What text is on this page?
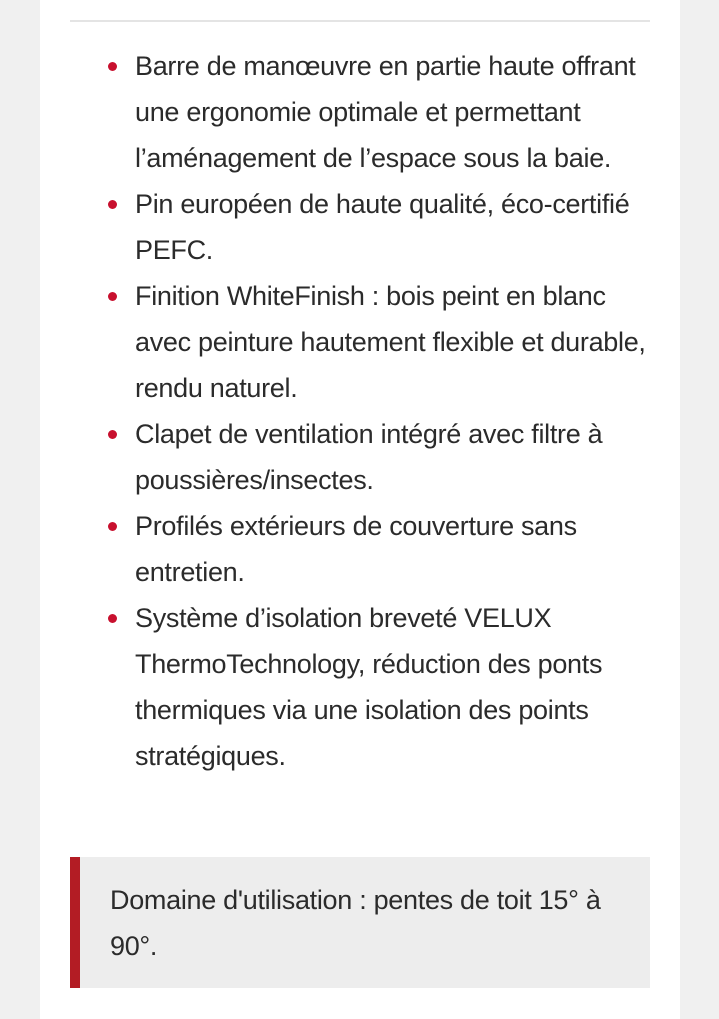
Barre de manœuvre en partie haute offrant une ergonomie optimale et permettant l’aménagement de l’espace sous la baie.
Pin européen de haute qualité, éco-certifié PEFC.
Finition WhiteFinish : bois peint en blanc avec peinture hautement flexible et durable, rendu naturel.
Clapet de ventilation intégré avec filtre à poussières/insectes.
Profilés extérieurs de couverture sans entretien.
Système d’isolation breveté VELUX ThermoTechnology, réduction des ponts thermiques via une isolation des points stratégiques.
Domaine d'utilisation : pentes de toit 15° à 90°.
